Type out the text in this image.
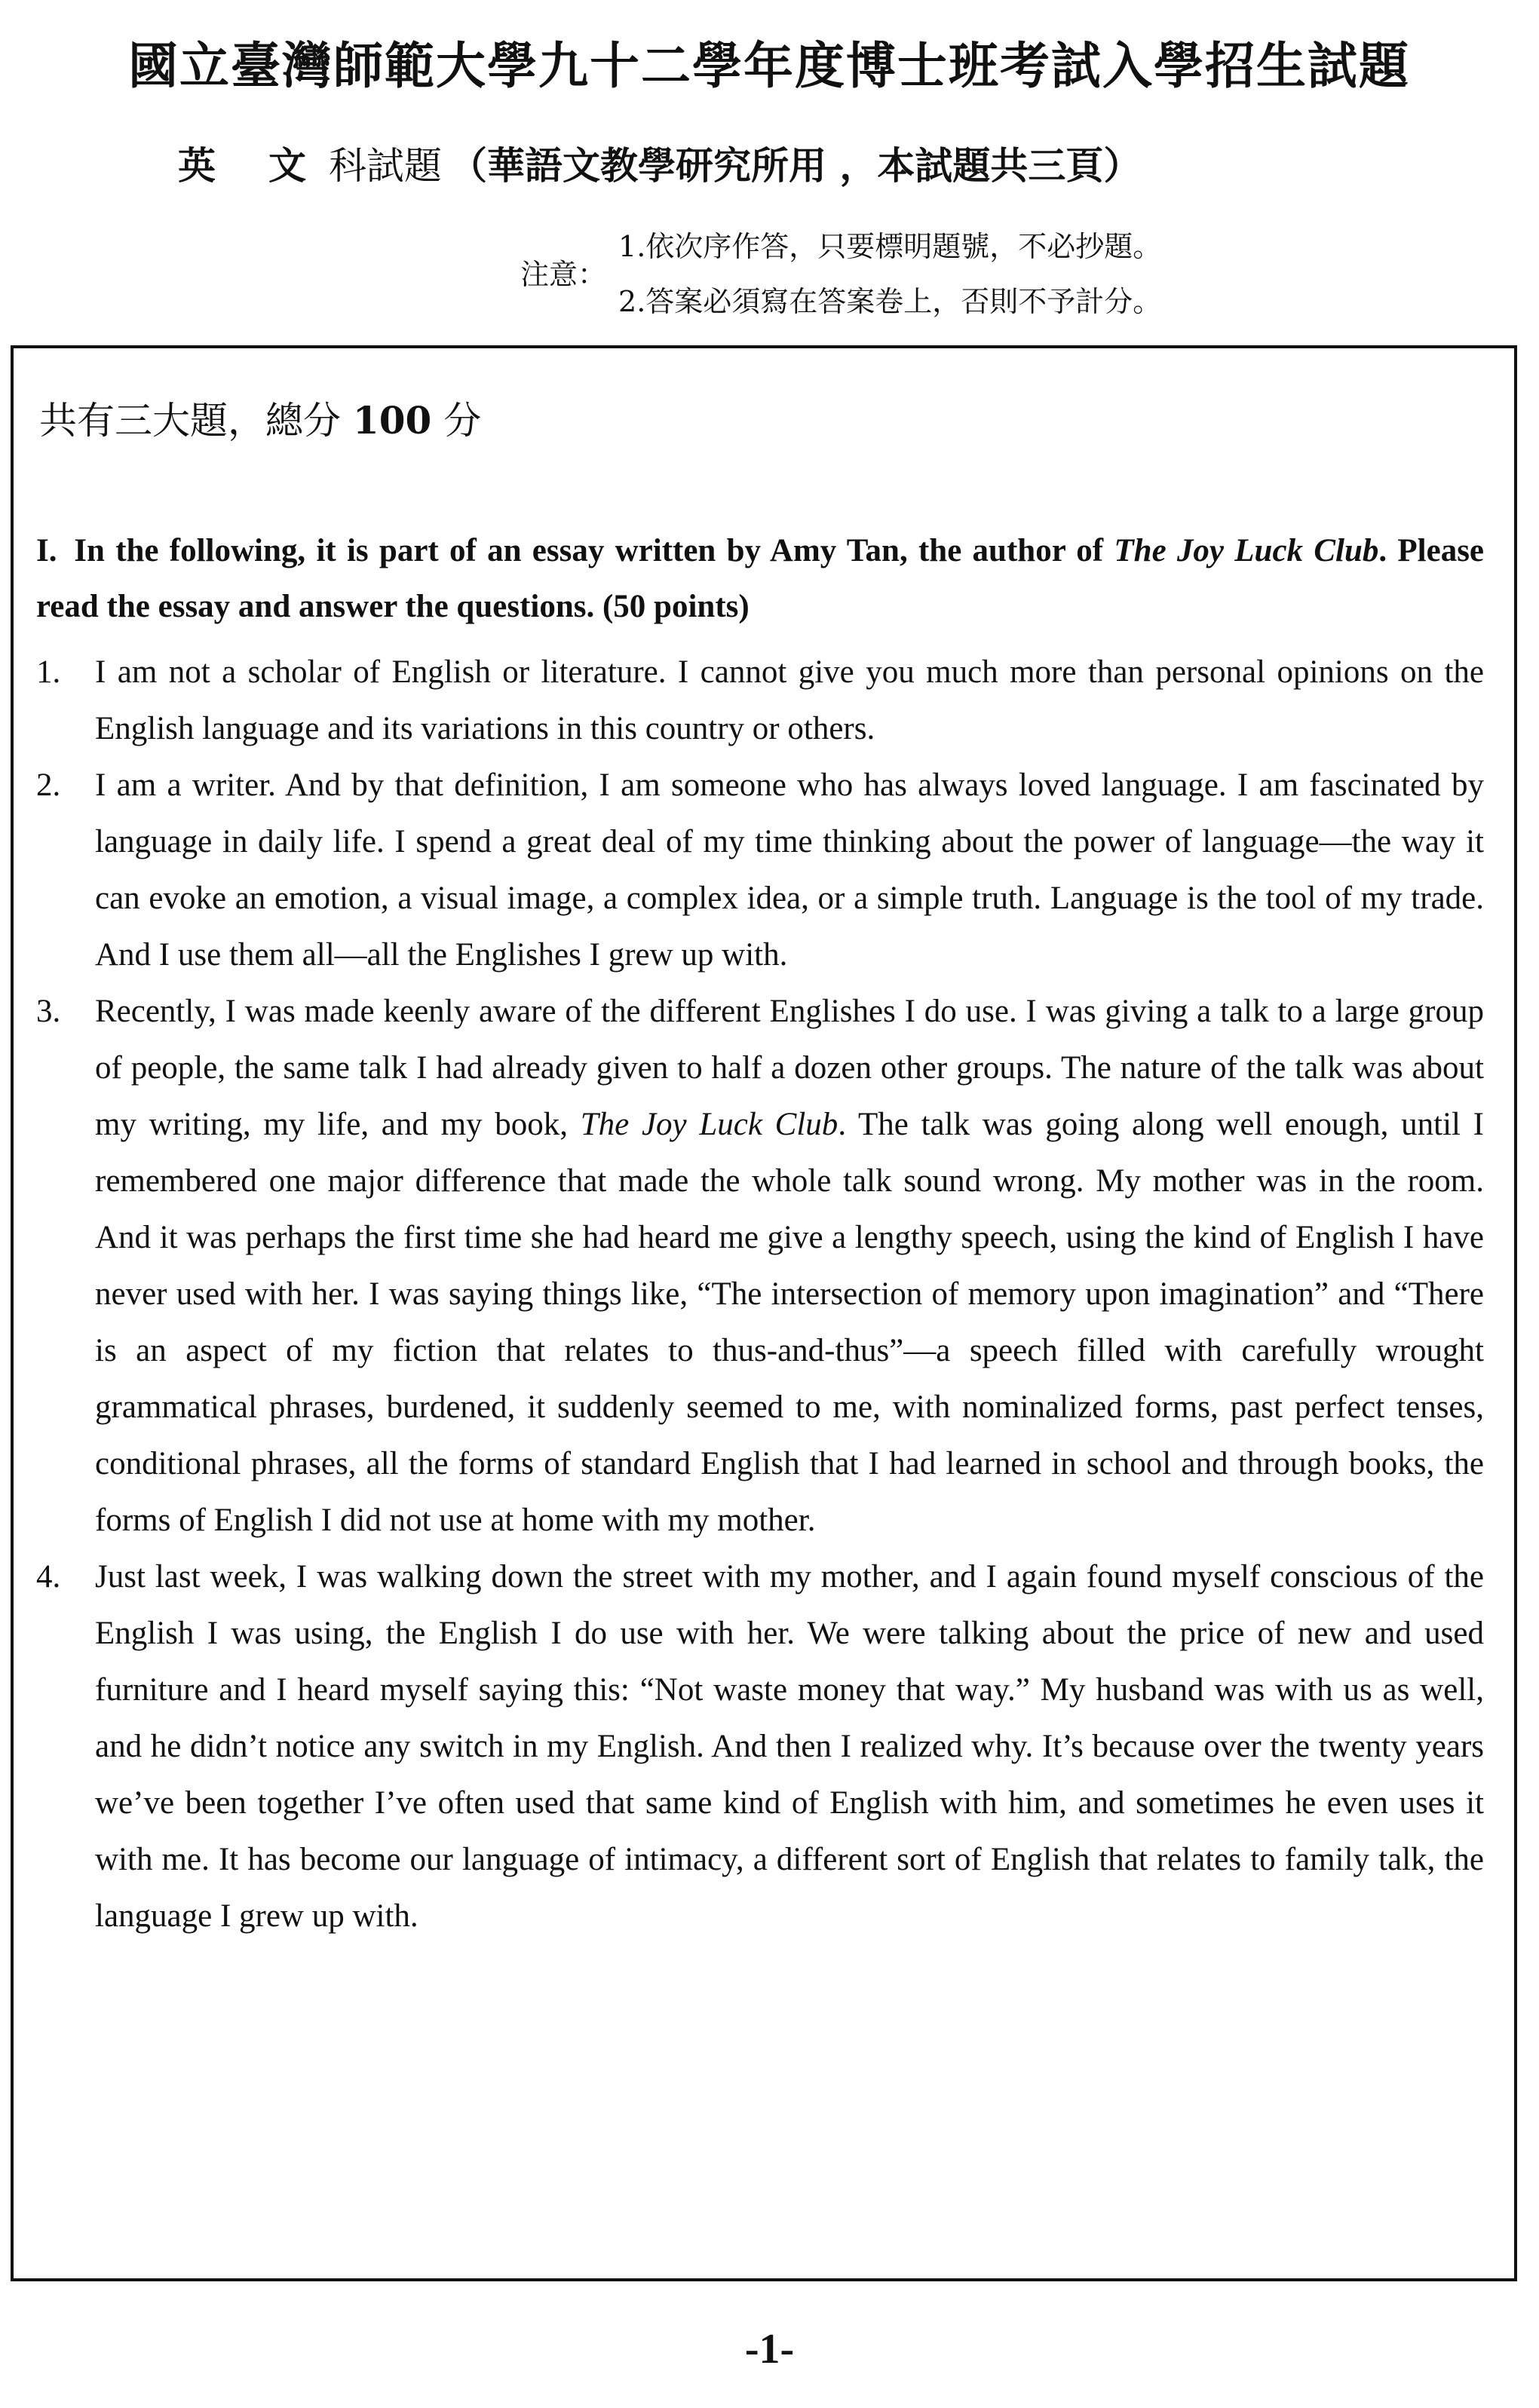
國立臺灣師範大學九十二學年度博士班考試入學招生試題
英 文 科試題 （華語文教學研究所用 ，本試題共三頁）
注意：
1.依次序作答，只要標明題號，不必抄題。
2.答案必須寫在答案卷上，否則不予計分。
共有三大題，總分 100 分
I. In the following, it is part of an essay written by Amy Tan, the author of The Joy Luck Club. Please read the essay and answer the questions. (50 points)

1. I am not a scholar of English or literature. I cannot give you much more than personal opinions on the English language and its variations in this country or others.

2. I am a writer. And by that definition, I am someone who has always loved language. I am fascinated by language in daily life. I spend a great deal of my time thinking about the power of language—the way it can evoke an emotion, a visual image, a complex idea, or a simple truth. Language is the tool of my trade. And I use them all—all the Englishes I grew up with.

3. Recently, I was made keenly aware of the different Englishes I do use. I was giving a talk to a large group of people, the same talk I had already given to half a dozen other groups. The nature of the talk was about my writing, my life, and my book, The Joy Luck Club. The talk was going along well enough, until I remembered one major difference that made the whole talk sound wrong. My mother was in the room. And it was perhaps the first time she had heard me give a lengthy speech, using the kind of English I have never used with her. I was saying things like, “The intersection of memory upon imagination” and “There is an aspect of my fiction that relates to thus-and-thus”—a speech filled with carefully wrought grammatical phrases, burdened, it suddenly seemed to me, with nominalized forms, past perfect tenses, conditional phrases, all the forms of standard English that I had learned in school and through books, the forms of English I did not use at home with my mother.

4. Just last week, I was walking down the street with my mother, and I again found myself conscious of the English I was using, the English I do use with her. We were talking about the price of new and used furniture and I heard myself saying this: “Not waste money that way.” My husband was with us as well, and he didn’t notice any switch in my English. And then I realized why. It’s because over the twenty years we’ve been together I’ve often used that same kind of English with him, and sometimes he even uses it with me. It has become our language of intimacy, a different sort of English that relates to family talk, the language I grew up with.

-1-
